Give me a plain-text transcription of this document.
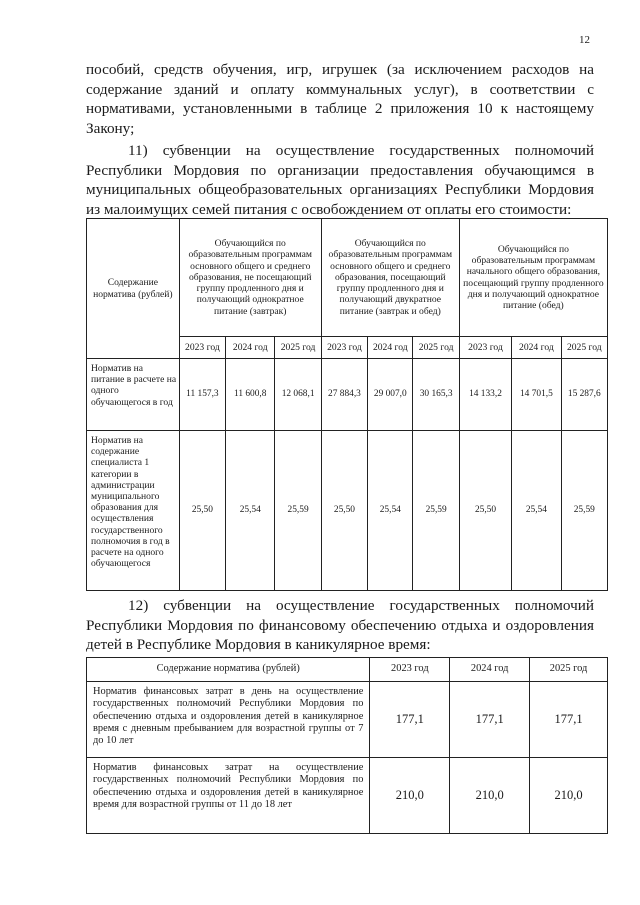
12
пособий, средств обучения, игр, игрушек (за исключением расходов на содержание зданий и оплату коммунальных услуг), в соответствии с нормативами, установленными в таблице 2 приложения 10 к настоящему Закону;
11) субвенции на осуществление государственных полномочий Республики Мордовия по организации предоставления обучающимся в муниципальных общеобразовательных организациях Республики Мордовия из малоимущих семей питания с освобождением от оплаты его стоимости:
Содержание норматива (рублей)	Обучающийся по образовательным программам основного общего и среднего образования, не посещающий группу продленного дня и получающий однократное питание (завтрак)			Обучающийся по образовательным программам основного общего и среднего образования, посещающий группу продленного дня и получающий двукратное питание (завтрак и обед)			Обучающийся по образовательным программам начального общего образования, посещающий группу продленного дня и получающий однократное питание (обед)		
	2023 год	2024 год	2025 год	2023 год	2024 год	2025 год	2023 год	2024 год	2025 год
Норматив на питание в расчете на одного обучающегося в год	11 157,3	11 600,8	12 068,1	27 884,3	29 007,0	30 165,3	14 133,2	14 701,5	15 287,6
Норматив на содержание специалиста 1 категории в администрации муниципального образования для осуществления государственного полномочия в год в расчете на одного обучающегося	25,50	25,54	25,59	25,50	25,54	25,59	25,50	25,54	25,59
12) субвенции на осуществление государственных полномочий Республики Мордовия по финансовому обеспечению отдыха и оздоровления детей в Республике Мордовия в каникулярное время:
Содержание норматива (рублей)	2023 год	2024 год	2025 год
Норматив финансовых затрат в день на осуществление государственных полномочий Республики Мордовия по обеспечению отдыха и оздоровления детей в каникулярное время с дневным пребыванием для возрастной группы от 7 до 10 лет	177,1	177,1	177,1
Норматив финансовых затрат на осуществление государственных полномочий Республики Мордовия по обеспечению отдыха и оздоровления детей в каникулярное время для возрастной группы от 11 до 18 лет	210,0	210,0	210,0
